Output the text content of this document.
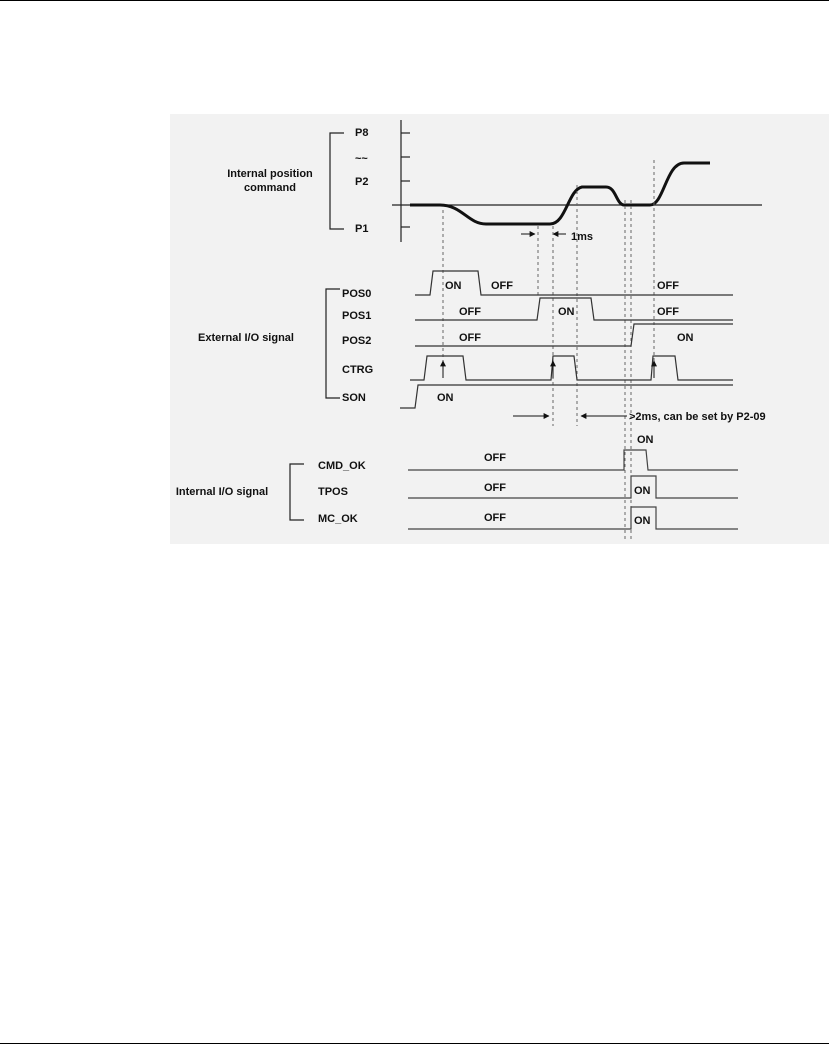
Internal position
command
P8
~~
P2
P1
1ms
External I/O signal
POS0
ON	OFF	OFF
POS1	OFF	ON	OFF
POS2	OFF	ON
CTRG
SON	ON
>2ms, can be set by P2-09
Internal I/O signal
ON
CMD_OK
OFF
TPOS	OFF	ON
MC_OK	OFF	ON
